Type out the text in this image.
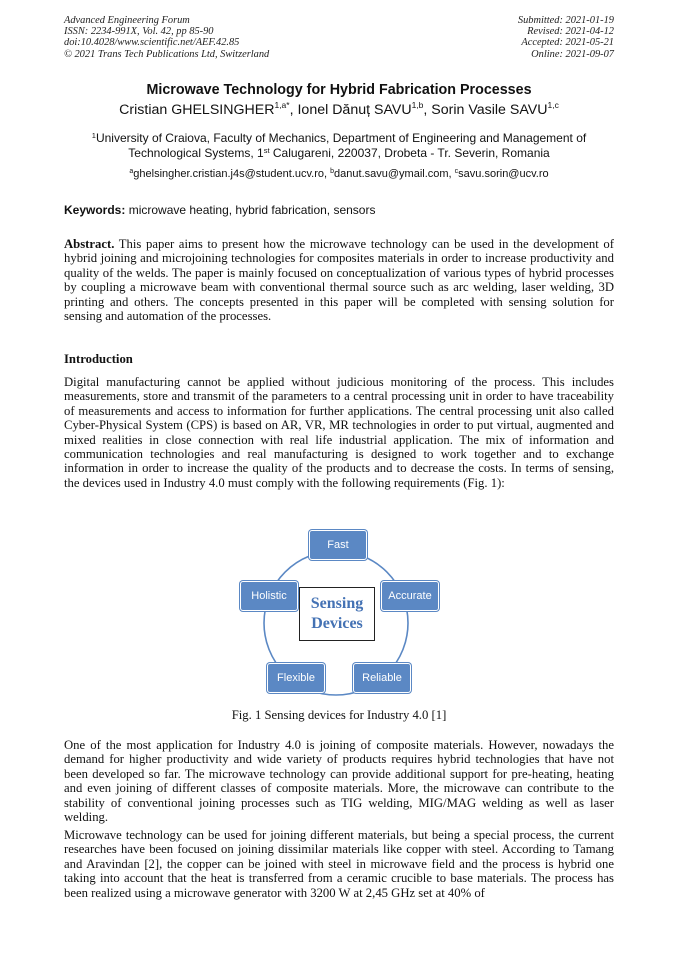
Advanced Engineering Forum
ISSN: 2234-991X, Vol. 42, pp 85-90
doi:10.4028/www.scientific.net/AEF.42.85
© 2021 Trans Tech Publications Ltd, Switzerland
Submitted: 2021-01-19
Revised: 2021-04-12
Accepted: 2021-05-21
Online: 2021-09-07
Microwave Technology for Hybrid Fabrication Processes
Cristian $GHELSINGHER^{1,a*}$, Ionel Dănuț SAVU$^{1,b}$, Sorin Vasile SAVU$^{1,c}$
$^1$University of Craiova, Faculty of Mechanics, Department of Engineering and Management of Technological Systems, 1st Calugareni, 220037, Drobeta - Tr. Severin, Romania
$^a$ghelsingher.cristian.j4s@student.ucv.ro, $^b$danut.savu@ymail.com, $^c$savu.sorin@ucv.ro
Keywords: microwave heating, hybrid fabrication, sensors

Abstract. This paper aims to present how the microwave technology can be used in the development of hybrid joining and microjoining technologies for composites materials in order to increase productivity and quality of the welds. The paper is mainly focused on conceptualization of various types of hybrid processes by coupling a microwave beam with conventional thermal source such as arc welding, laser welding, 3D printing and others. The concepts presented in this paper will be completed with sensing solution for sensing and automation of the processes.

Introduction

Digital manufacturing cannot be applied without judicious monitoring of the process. This includes measurements, store and transmit of the parameters to a central processing unit in order to have traceability of measurements and access to information for further applications. The central processing unit also called Cyber-Physical System (CPS) is based on AR, VR, MR technologies in order to put virtual, augmented and mixed realities in close connection with real life industrial application. The mix of information and communication technologies and real manufacturing is designed to work together and to exchange information in order to increase the quality of the products and to decrease the costs. In terms of sensing, the devices used in Industry 4.0 must comply with the following requirements (Fig. 1):

Fast
Accurate
Reliable
Flexible
Holistic	Sensing
Devices
Fig. 1 Sensing devices for Industry 4.0 [1]

One of the most application for Industry 4.0 is joining of composite materials. However, nowadays the demand for higher productivity and wide variety of products requires hybrid technologies that have not been developed so far. The microwave technology can provide additional support for pre-heating, heating and even joining of different classes of composite materials. More, the microwave can contribute to the stability of conventional joining processes such as TIG welding, MIG/MAG welding as well as laser welding.

Microwave technology can be used for joining different materials, but being a special process, the current researches have been focused on joining dissimilar materials like copper with steel. According to Tamang and Aravindan [2], the copper can be joined with steel in microwave field and the process is hybrid one taking into account that the heat is transferred from a ceramic crucible to base materials. The process has been realized using a microwave generator with 3200 W at 2,45 GHz set at 40% of
